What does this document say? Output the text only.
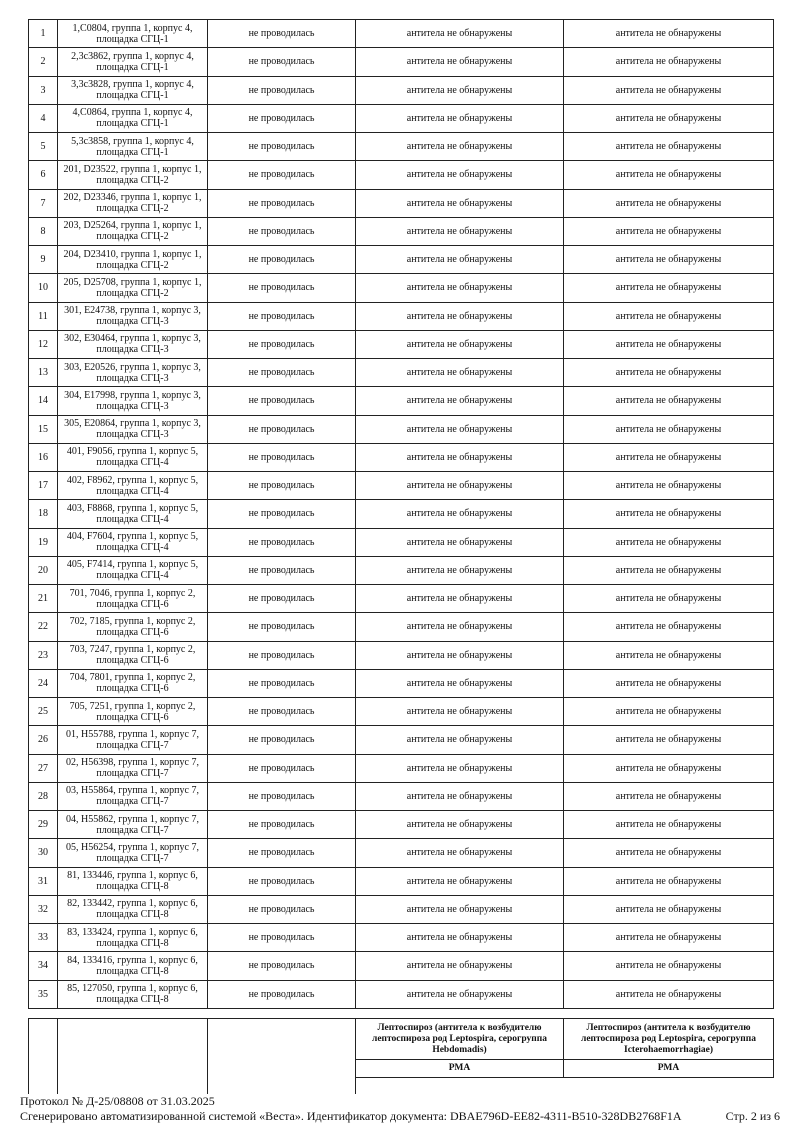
1	1,C0804, группа 1, корпус 4, площадка СГЦ-1	не проводилась	антитела не обнаружены	антитела не обнаружены
2	2,3с3862, группа 1, корпус 4, площадка СГЦ-1	не проводилась	антитела не обнаружены	антитела не обнаружены
3	3,3с3828, группа 1, корпус 4, площадка СГЦ-1	не проводилась	антитела не обнаружены	антитела не обнаружены
4	4,C0864, группа 1, корпус 4, площадка СГЦ-1	не проводилась	антитела не обнаружены	антитела не обнаружены
5	5,3с3858, группа 1, корпус 4, площадка СГЦ-1	не проводилась	антитела не обнаружены	антитела не обнаружены
6	201, D23522, группа 1, корпус 1, площадка СГЦ-2	не проводилась	антитела не обнаружены	антитела не обнаружены
7	202, D23346, группа 1, корпус 1, площадка СГЦ-2	не проводилась	антитела не обнаружены	антитела не обнаружены
8	203, D25264, группа 1, корпус 1, площадка СГЦ-2	не проводилась	антитела не обнаружены	антитела не обнаружены
9	204, D23410, группа 1, корпус 1, площадка СГЦ-2	не проводилась	антитела не обнаружены	антитела не обнаружены
10	205, D25708, группа 1, корпус 1, площадка СГЦ-2	не проводилась	антитела не обнаружены	антитела не обнаружены
11	301, E24738, группа 1, корпус 3, площадка СГЦ-3	не проводилась	антитела не обнаружены	антитела не обнаружены
12	302, E30464, группа 1, корпус 3, площадка СГЦ-3	не проводилась	антитела не обнаружены	антитела не обнаружены
13	303, E20526, группа 1, корпус 3, площадка СГЦ-3	не проводилась	антитела не обнаружены	антитела не обнаружены
14	304, E17998, группа 1, корпус 3, площадка СГЦ-3	не проводилась	антитела не обнаружены	антитела не обнаружены
15	305, E20864, группа 1, корпус 3, площадка СГЦ-3	не проводилась	антитела не обнаружены	антитела не обнаружены
16	401, F9056, группа 1, корпус 5, площадка СГЦ-4	не проводилась	антитела не обнаружены	антитела не обнаружены
17	402, F8962, группа 1, корпус 5, площадка СГЦ-4	не проводилась	антитела не обнаружены	антитела не обнаружены
18	403, F8868, группа 1, корпус 5, площадка СГЦ-4	не проводилась	антитела не обнаружены	антитела не обнаружены
19	404, F7604, группа 1, корпус 5, площадка СГЦ-4	не проводилась	антитела не обнаружены	антитела не обнаружены
20	405, F7414, группа 1, корпус 5, площадка СГЦ-4	не проводилась	антитела не обнаружены	антитела не обнаружены
21	701, 7046, группа 1, корпус 2, площадка СГЦ-6	не проводилась	антитела не обнаружены	антитела не обнаружены
22	702, 7185, группа 1, корпус 2, площадка СГЦ-6	не проводилась	антитела не обнаружены	антитела не обнаружены
23	703, 7247, группа 1, корпус 2, площадка СГЦ-6	не проводилась	антитела не обнаружены	антитела не обнаружены
24	704, 7801, группа 1, корпус 2, площадка СГЦ-6	не проводилась	антитела не обнаружены	антитела не обнаружены
25	705, 7251, группа 1, корпус 2, площадка СГЦ-6	не проводилась	антитела не обнаружены	антитела не обнаружены
26	01, H55788, группа 1, корпус 7, площадка СГЦ-7	не проводилась	антитела не обнаружены	антитела не обнаружены
27	02, H56398, группа 1, корпус 7, площадка СГЦ-7	не проводилась	антитела не обнаружены	антитела не обнаружены
28	03, H55864, группа 1, корпус 7, площадка СГЦ-7	не проводилась	антитела не обнаружены	антитела не обнаружены
29	04, H55862, группа 1, корпус 7, площадка СГЦ-7	не проводилась	антитела не обнаружены	антитела не обнаружены
30	05, H56254, группа 1, корпус 7, площадка СГЦ-7	не проводилась	антитела не обнаружены	антитела не обнаружены
31	81, 133446, группа 1, корпус 6, площадка СГЦ-8	не проводилась	антитела не обнаружены	антитела не обнаружены
32	82, 133442, группа 1, корпус 6, площадка СГЦ-8	не проводилась	антитела не обнаружены	антитела не обнаружены
33	83, 133424, группа 1, корпус 6, площадка СГЦ-8	не проводилась	антитела не обнаружены	антитела не обнаружены
34	84, 133416, группа 1, корпус 6, площадка СГЦ-8	не проводилась	антитела не обнаружены	антитела не обнаружены
35	85, 127050, группа 1, корпус 6, площадка СГЦ-8	не проводилась	антитела не обнаружены	антитела не обнаружены
			Лептоспироз (антитела к возбудителю лептоспироза род Leptospira, серогруппа Hebdomadis)	Лептоспироз (антитела к возбудителю лептоспироза род Leptospira, серогруппа Icterohaemorrhagiae)
			РМА	РМА
Протокол № Д-25/08808 от 31.03.2025
Сгенерировано автоматизированной системой «Веста». Идентификатор документа: DBAE796D-EE82-4311-B510-328DB2768F1A	Стр. 2 из 6
